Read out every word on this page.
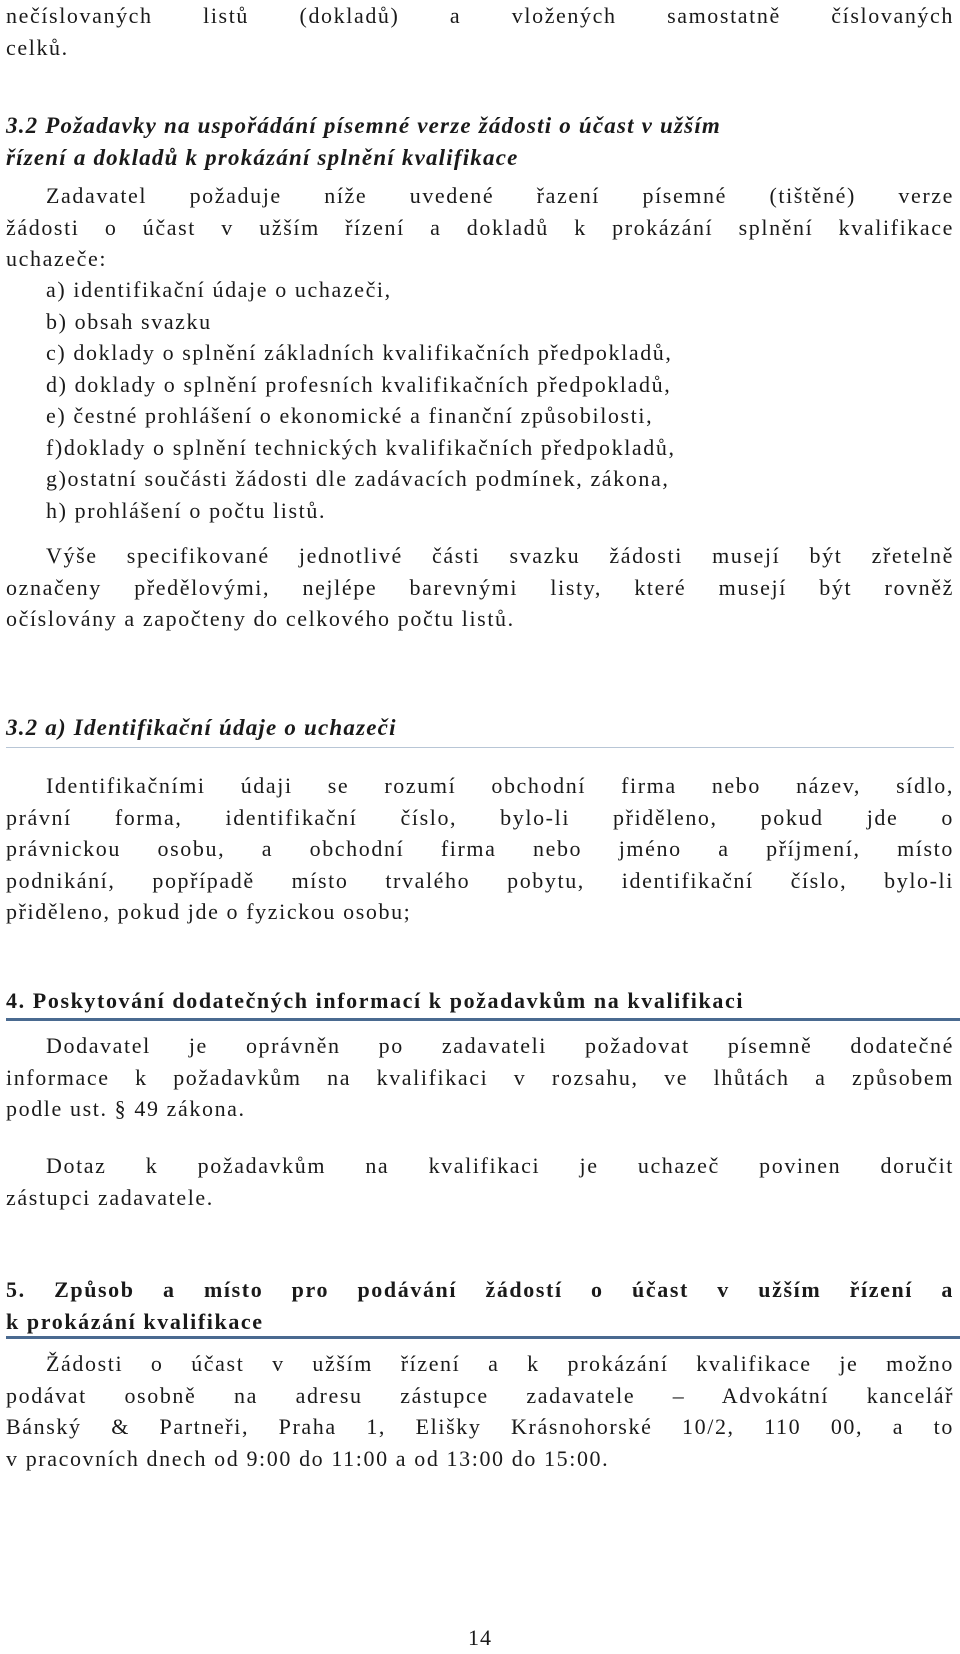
nečíslovaných listů (dokladů) a vložených samostatně číslovaných
celků.
3.2 Požadavky na uspořádání písemné verze žádosti o účast v užším
řízení a dokladů k prokázání splnění kvalifikace
Zadavatel požaduje níže uvedené řazení písemné (tištěné) verze
žádosti o účast v užším řízení a dokladů k prokázání splnění kvalifikace
uchazeče:
a) identifikační údaje o uchazeči,
b) obsah svazku
c) doklady o splnění základních kvalifikačních předpokladů,
d) doklady o splnění profesních kvalifikačních předpokladů,
e) čestné prohlášení o ekonomické a finanční způsobilosti,
f)doklady o splnění technických kvalifikačních předpokladů,
g)ostatní součásti žádosti dle zadávacích podmínek, zákona,
h) prohlášení o počtu listů.
Výše specifikované jednotlivé části svazku žádosti musejí být zřetelně
označeny předělovými, nejlépe barevnými listy, které musejí být rovněž
očíslovány a započteny do celkového počtu listů.
3.2 a) Identifikační údaje o uchazeči
Identifikačními údaji se rozumí obchodní firma nebo název, sídlo,
právní forma, identifikační číslo, bylo-li přiděleno, pokud jde o
právnickou osobu, a obchodní firma nebo jméno a příjmení, místo
podnikání, popřípadě místo trvalého pobytu, identifikační číslo, bylo-li
přiděleno, pokud jde o fyzickou osobu;
4. Poskytování dodatečných informací k požadavkům na kvalifikaci
Dodavatel je oprávněn po zadavateli požadovat písemně dodatečné
informace k požadavkům na kvalifikaci v rozsahu, ve lhůtách a způsobem
podle ust. § 49 zákona.
Dotaz k požadavkům na kvalifikaci je uchazeč povinen doručit
zástupci zadavatele.
5. Způsob a místo pro podávání žádostí o účast v užším řízení a
k prokázání kvalifikace
Žádosti o účast v užším řízení a k prokázání kvalifikace je možno
podávat osobně na adresu zástupce zadavatele – Advokátní kancelář
Bánský & Partneři, Praha 1, Elišky Krásnohorské 10/2, 110 00, a to
v pracovních dnech od 9:00 do 11:00 a od 13:00 do 15:00.
14
